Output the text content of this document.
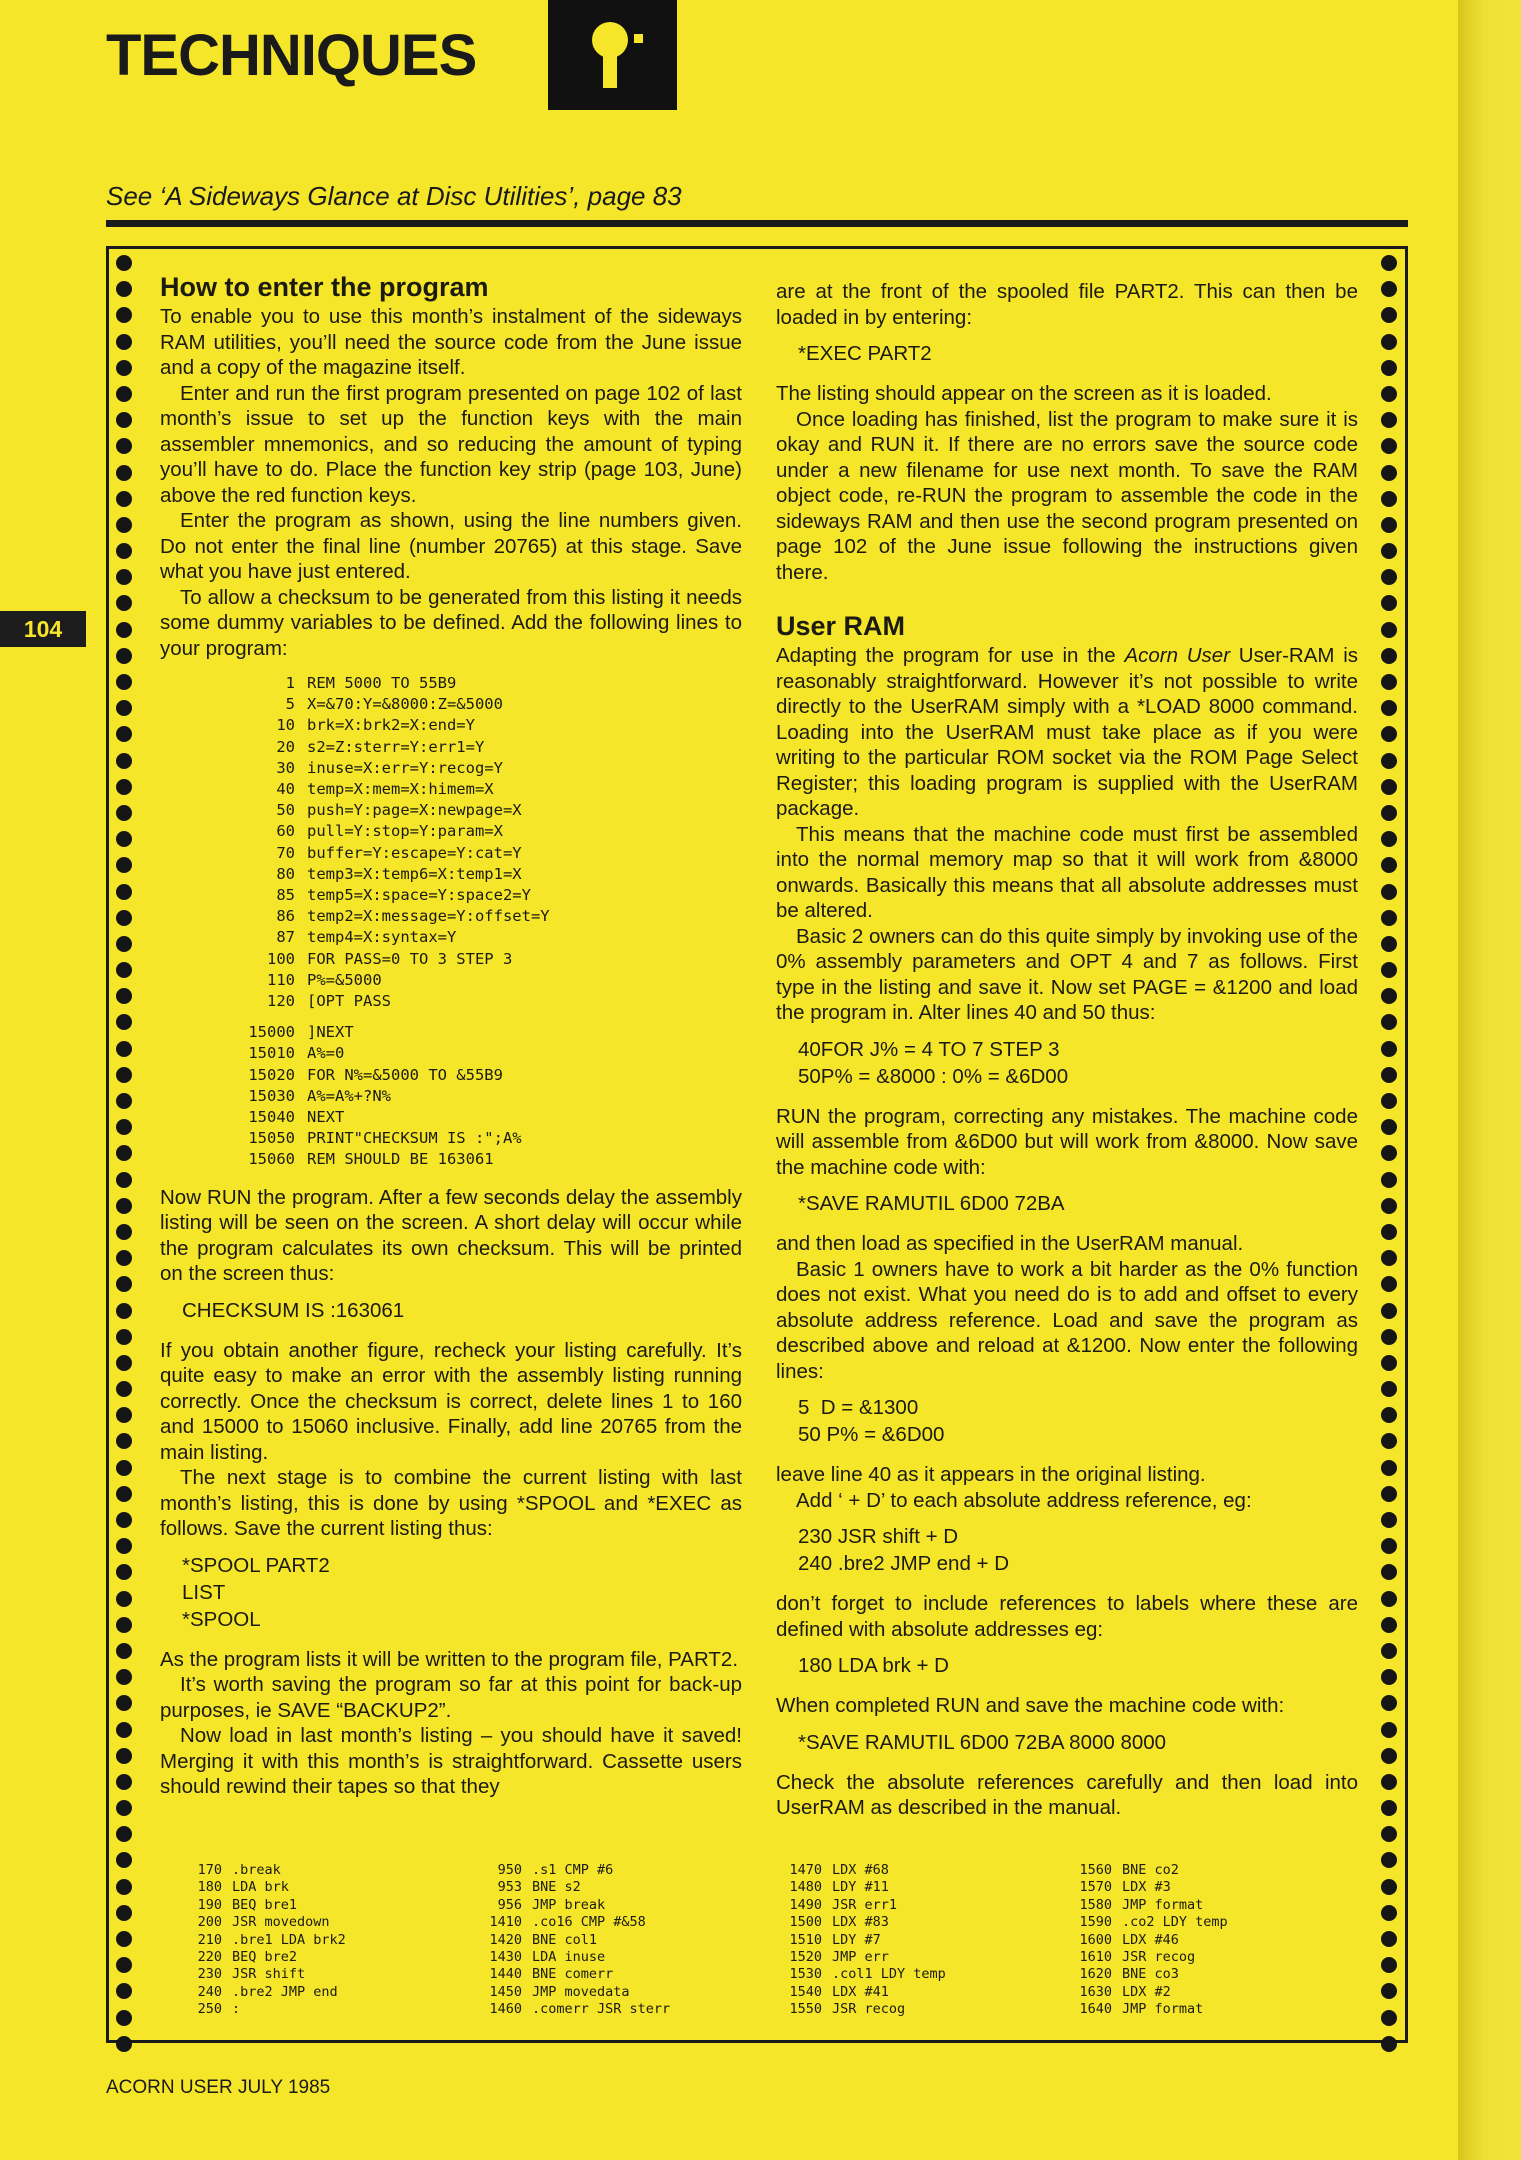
TECHNIQUES
See ‘A Sideways Glance at Disc Utilities’, page 83
104
How to enter the program

To enable you to use this month’s instalment of the sideways RAM utilities, you’ll need the source code from the June issue and a copy of the magazine itself.

Enter and run the first program presented on page 102 of last month’s issue to set up the function keys with the main assembler mnemonics, and so reducing the amount of typing you’ll have to do. Place the function key strip (page 103, June) above the red function keys.

Enter the program as shown, using the line numbers given. Do not enter the final line (number 20765) at this stage. Save what you have just entered.

To allow a checksum to be generated from this listing it needs some dummy variables to be defined. Add the following lines to your program:

1 REM 5000 TO 55B9
5 X=&70:Y=&8000:Z=&5000
10 brk=X:brk2=X:end=Y
20 s2=Z:sterr=Y:err1=Y
30 inuse=X:err=Y:recog=Y
40 temp=X:mem=X:himem=X
50 push=Y:page=X:newpage=X
60 pull=Y:stop=Y:param=X
70 buffer=Y:escape=Y:cat=Y
80 temp3=X:temp6=X:temp1=X
85 temp5=X:space=Y:space2=Y
86 temp2=X:message=Y:offset=Y
87 temp4=X:syntax=Y
100 FOR PASS=0 TO 3 STEP 3
110 P%=&5000
120 [OPT PASS
15000 ]NEXT
15010 A%=0
15020 FOR N%=&5000 TO &55B9
15030 A%=A%+?N%
15040 NEXT
15050 PRINT"CHECKSUM IS :";A%
15060 REM SHOULD BE 163061

Now RUN the program. After a few seconds delay the assembly listing will be seen on the screen. A short delay will occur while the program calculates its own checksum. This will be printed on the screen thus:

CHECKSUM IS :163061

If you obtain another figure, recheck your listing carefully. It’s quite easy to make an error with the assembly listing running correctly. Once the checksum is correct, delete lines 1 to 160 and 15000 to 15060 inclusive. Finally, add line 20765 from the main listing.

The next stage is to combine the current listing with last month’s listing, this is done by using *SPOOL and *EXEC as follows. Save the current listing thus:

*SPOOL PART2
LIST
*SPOOL

As the program lists it will be written to the program file, PART2.

It’s worth saving the program so far at this point for back-up purposes, ie SAVE “BACKUP2”.

Now load in last month’s listing – you should have it saved! Merging it with this month’s is straightforward. Cassette users should rewind their tapes so that they

are at the front of the spooled file PART2. This can then be loaded in by entering:

*EXEC PART2

The listing should appear on the screen as it is loaded.

Once loading has finished, list the program to make sure it is okay and RUN it. If there are no errors save the source code under a new filename for use next month. To save the RAM object code, re-RUN the program to assemble the code in the sideways RAM and then use the second program presented on page 102 of the June issue following the instructions given there.

User RAM

Adapting the program for use in the Acorn User User-RAM is reasonably straightforward. However it’s not possible to write directly to the UserRAM simply with a *LOAD 8000 command. Loading into the UserRAM must take place as if you were writing to the particular ROM socket via the ROM Page Select Register; this loading program is supplied with the UserRAM package.

This means that the machine code must first be assembled into the normal memory map so that it will work from &8000 onwards. Basically this means that all absolute addresses must be altered.

Basic 2 owners can do this quite simply by invoking use of the 0% assembly parameters and OPT 4 and 7 as follows. First type in the listing and save it. Now set PAGE = &1200 and load the program in. Alter lines 40 and 50 thus:

40FOR J% = 4 TO 7 STEP 3
50P% = &8000 : 0% = &6D00

RUN the program, correcting any mistakes. The machine code will assemble from &6D00 but will work from &8000. Now save the machine code with:

*SAVE RAMUTIL 6D00 72BA

and then load as specified in the UserRAM manual.

Basic 1 owners have to work a bit harder as the 0% function does not exist. What you need do is to add and offset to every absolute address reference. Load and save the program as described above and reload at &1200. Now enter the following lines:

5  D = &1300
50 P% = &6D00

leave line 40 as it appears in the original listing.

Add ‘ + D’ to each absolute address reference, eg:

230 JSR shift + D
240 .bre2 JMP end + D

don’t forget to include references to labels where these are defined with absolute addresses eg:

180 LDA brk + D

When completed RUN and save the machine code with:

*SAVE RAMUTIL 6D00 72BA 8000 8000

Check the absolute references carefully and then load into UserRAM as described in the manual.

170 .break
180 LDA brk
190 BEQ bre1
200 JSR movedown
210 .bre1 LDA brk2
220 BEQ bre2
230 JSR shift
240 .bre2 JMP end
250 :
950 .s1 CMP #6
953 BNE s2
956 JMP break
1410 .co16 CMP #&58
1420 BNE col1
1430 LDA inuse
1440 BNE comerr
1450 JMP movedata
1460 .comerr JSR sterr
1470 LDX #68
1480 LDY #11
1490 JSR err1
1500 LDX #83
1510 LDY #7
1520 JMP err
1530 .col1 LDY temp
1540 LDX #41
1550 JSR recog
1560 BNE co2
1570 LDX #3
1580 JMP format
1590 .co2 LDY temp
1600 LDX #46
1610 JSR recog
1620 BNE co3
1630 LDX #2
1640 JMP format
ACORN USER JULY 1985
